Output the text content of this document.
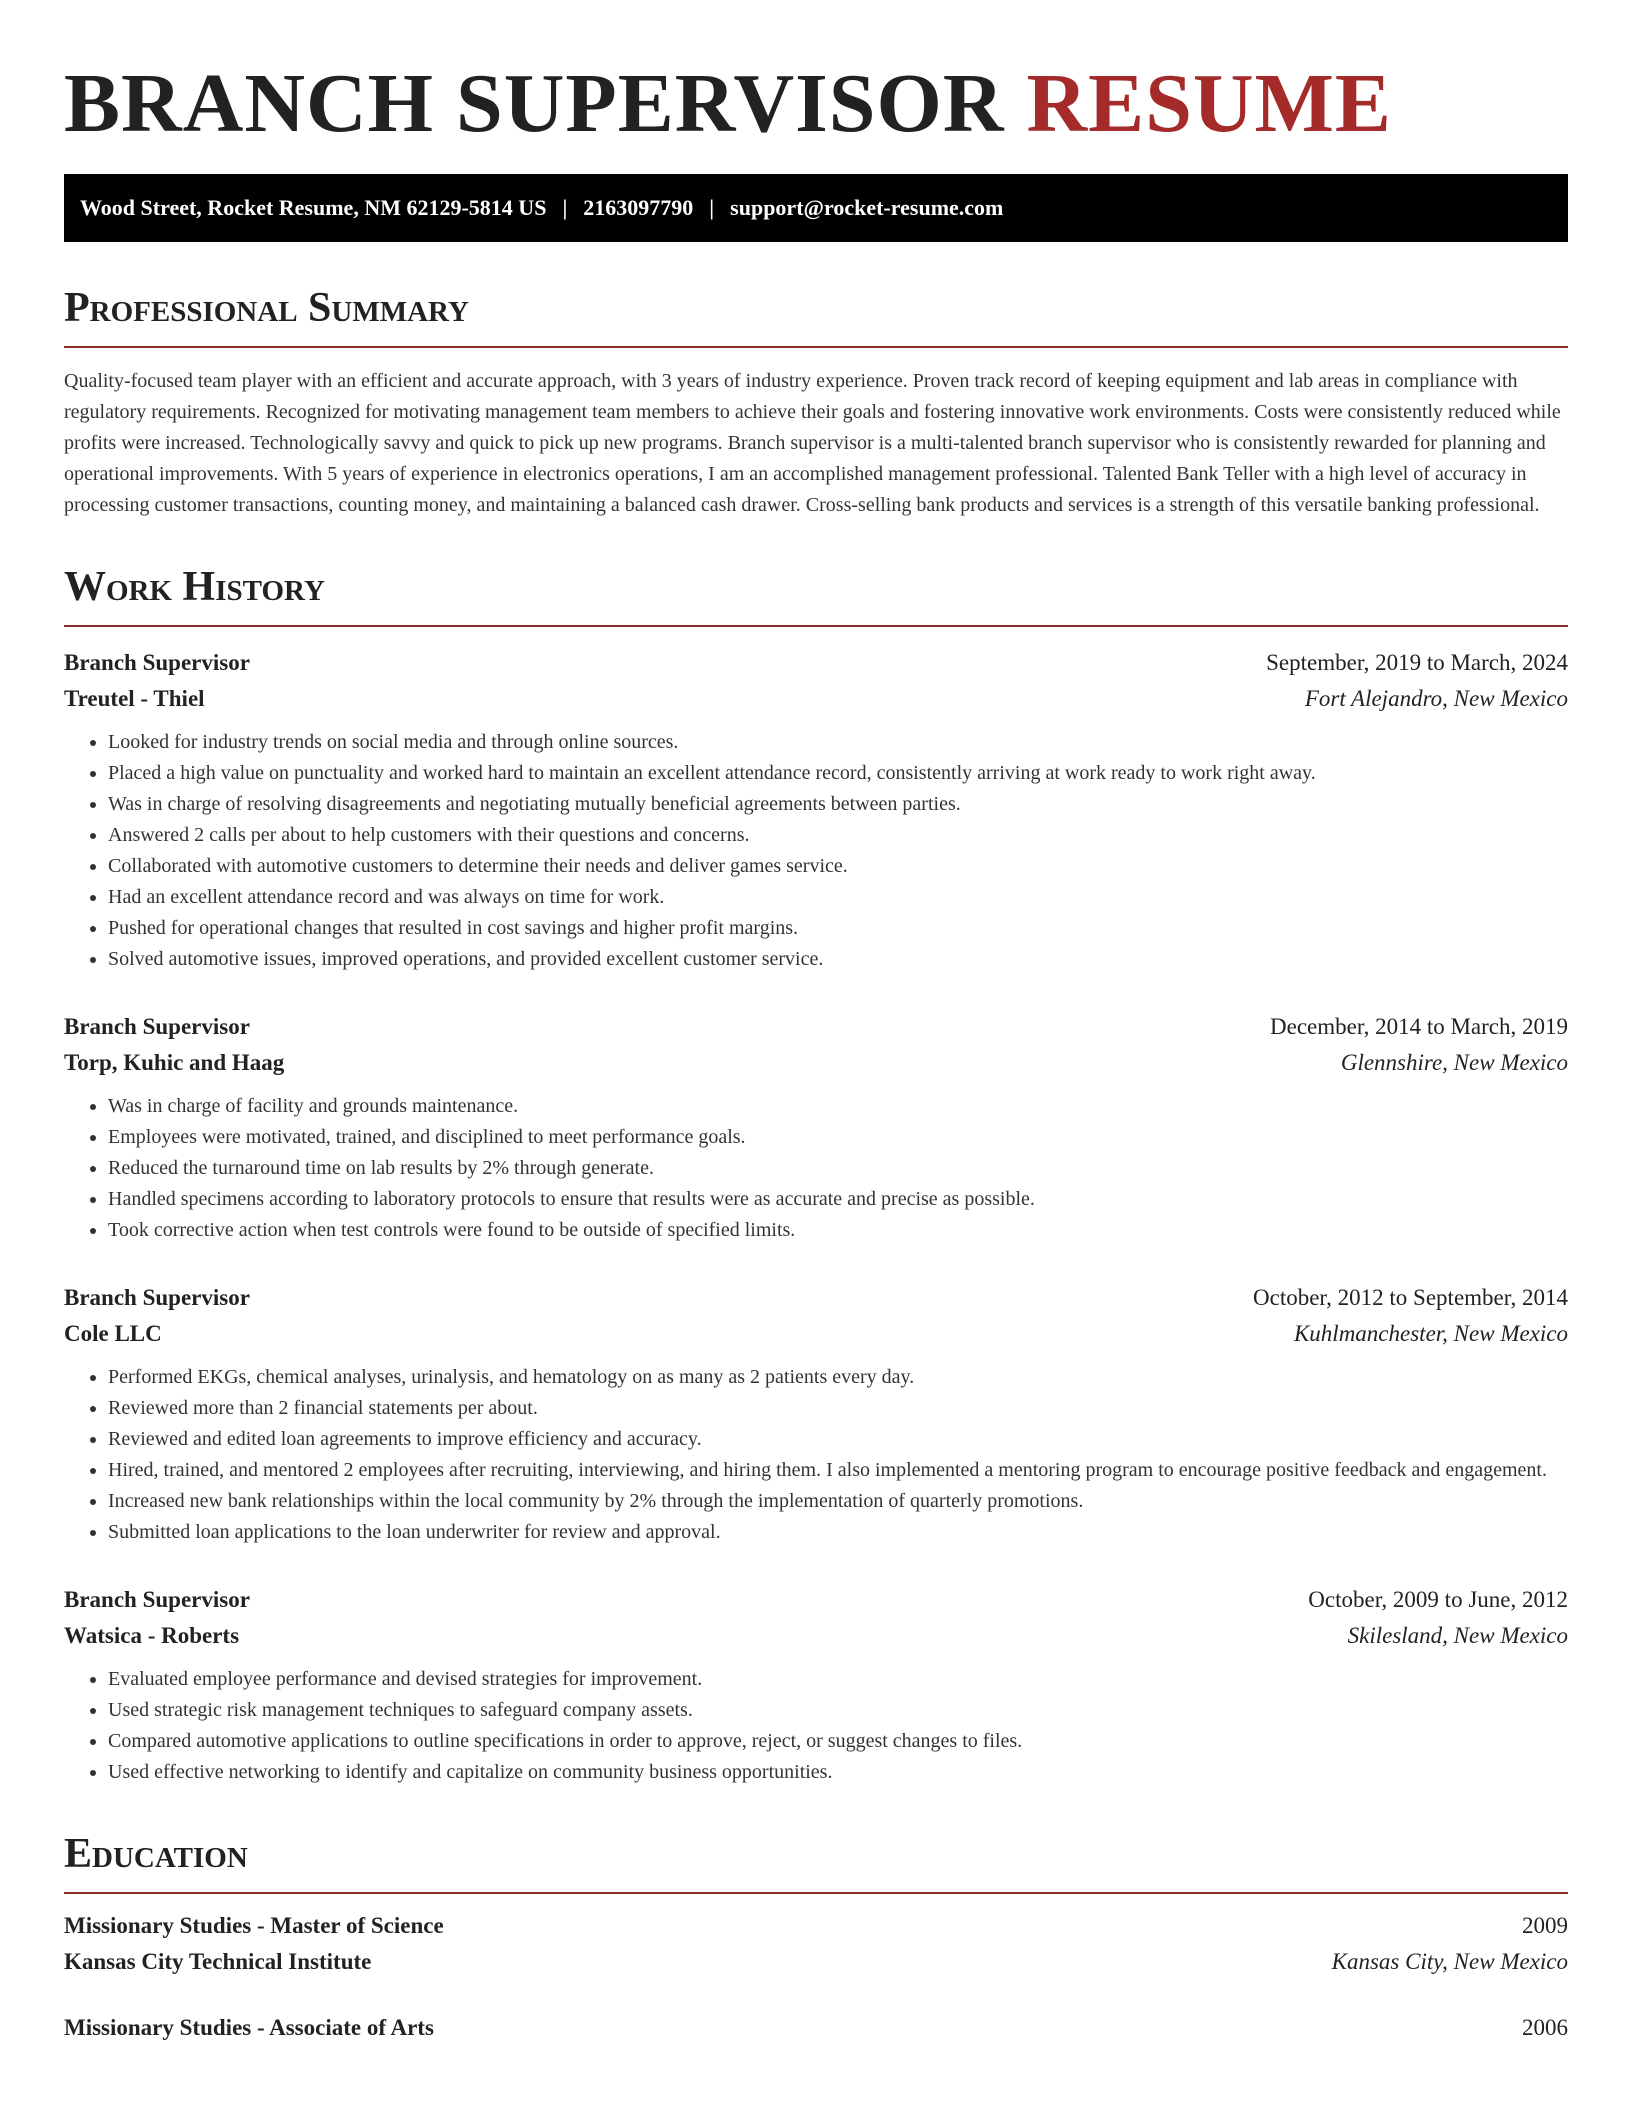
BRANCH SUPERVISOR RESUME
Wood Street, Rocket Resume, NM 62129-5814 US | 2163097790 | support@rocket-resume.com
Professional Summary

Quality-focused team player with an efficient and accurate approach, with 3 years of industry experience. Proven track record of keeping equipment and lab areas in compliance with regulatory requirements. Recognized for motivating management team members to achieve their goals and fostering innovative work environments. Costs were consistently reduced while profits were increased. Technologically savvy and quick to pick up new programs. Branch supervisor is a multi-talented branch supervisor who is consistently rewarded for planning and operational improvements. With 5 years of experience in electronics operations, I am an accomplished management professional. Talented Bank Teller with a high level of accuracy in processing customer transactions, counting money, and maintaining a balanced cash drawer. Cross-selling bank products and services is a strength of this versatile banking professional.

Work History
Branch Supervisor	September, 2019 to March, 2024
Treutel - Thiel	Fort Alejandro, New Mexico
• Looked for industry trends on social media and through online sources.
• Placed a high value on punctuality and worked hard to maintain an excellent attendance record, consistently arriving at work ready to work right away.
• Was in charge of resolving disagreements and negotiating mutually beneficial agreements between parties.
• Answered 2 calls per about to help customers with their questions and concerns.
• Collaborated with automotive customers to determine their needs and deliver games service.
• Had an excellent attendance record and was always on time for work.
• Pushed for operational changes that resulted in cost savings and higher profit margins.
• Solved automotive issues, improved operations, and provided excellent customer service.
Branch Supervisor	December, 2014 to March, 2019
Torp, Kuhic and Haag	Glennshire, New Mexico
• Was in charge of facility and grounds maintenance.
• Employees were motivated, trained, and disciplined to meet performance goals.
• Reduced the turnaround time on lab results by 2% through generate.
• Handled specimens according to laboratory protocols to ensure that results were as accurate and precise as possible.
• Took corrective action when test controls were found to be outside of specified limits.
Branch Supervisor	October, 2012 to September, 2014
Cole LLC	Kuhlmanchester, New Mexico
• Performed EKGs, chemical analyses, urinalysis, and hematology on as many as 2 patients every day.
• Reviewed more than 2 financial statements per about.
• Reviewed and edited loan agreements to improve efficiency and accuracy.
• Hired, trained, and mentored 2 employees after recruiting, interviewing, and hiring them. I also implemented a mentoring program to encourage positive feedback and engagement.
• Increased new bank relationships within the local community by 2% through the implementation of quarterly promotions.
• Submitted loan applications to the loan underwriter for review and approval.
Branch Supervisor	October, 2009 to June, 2012
Watsica - Roberts	Skilesland, New Mexico
• Evaluated employee performance and devised strategies for improvement.
• Used strategic risk management techniques to safeguard company assets.
• Compared automotive applications to outline specifications in order to approve, reject, or suggest changes to files.
• Used effective networking to identify and capitalize on community business opportunities.
Education
Missionary Studies - Master of Science	2009
Kansas City Technical Institute	Kansas City, New Mexico
Missionary Studies - Associate of Arts	2006
